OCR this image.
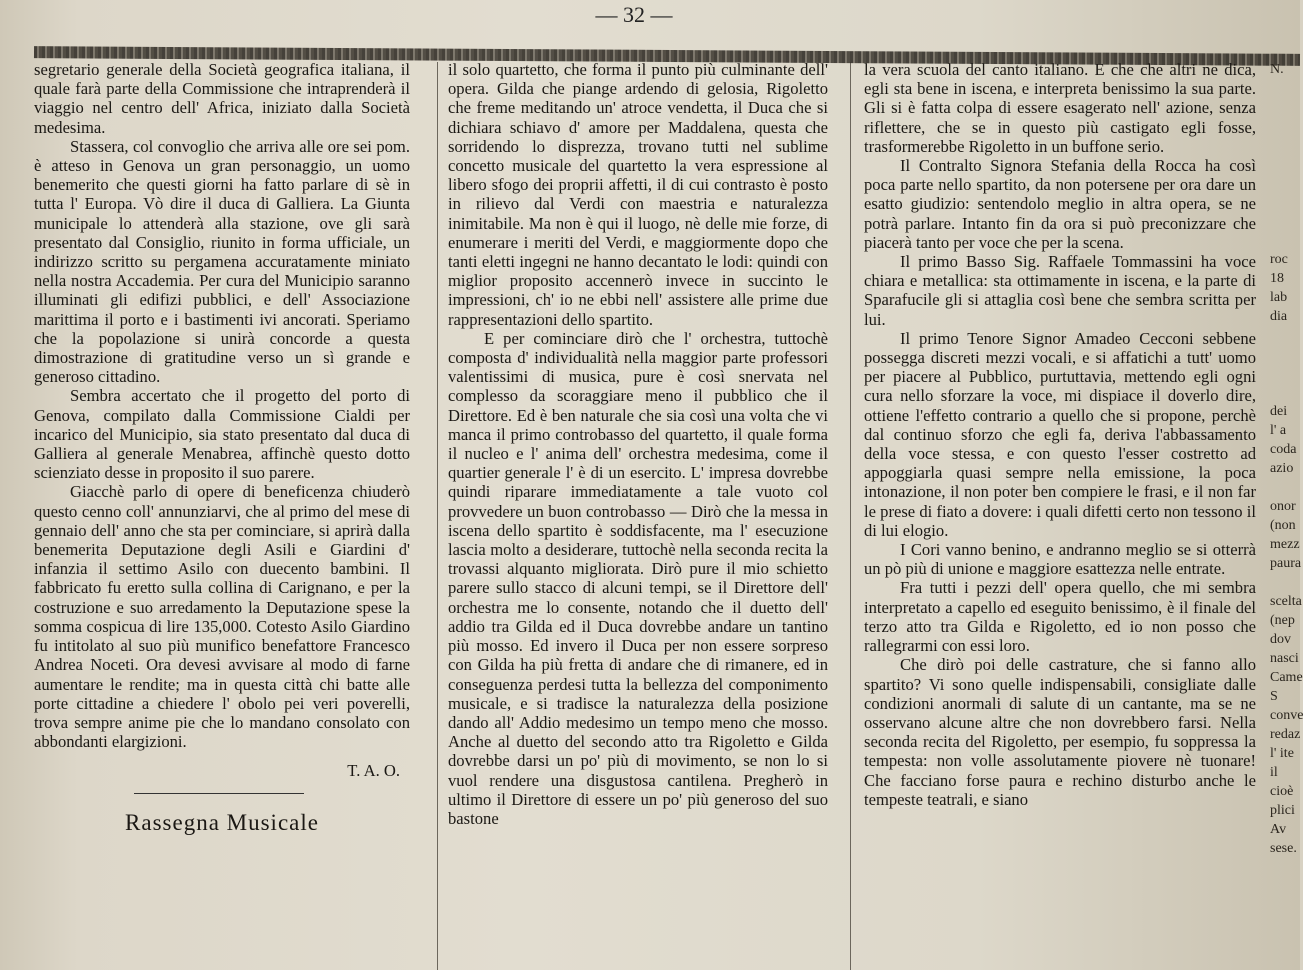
— 32 —

segretario generale della Società geografica italiana, il quale farà parte della Commissione che intraprenderà il viaggio nel centro dell' Africa, iniziato dalla Società medesima.

Stassera, col convoglio che arriva alle ore sei pom. è atteso in Genova un gran personaggio, un uomo benemerito che questi giorni ha fatto parlare di sè in tutta l' Europa. Vò dire il duca di Galliera. La Giunta municipale lo attenderà alla stazione, ove gli sarà presentato dal Consiglio, riunito in forma ufficiale, un indirizzo scritto su pergamena accuratamente miniato nella nostra Accademia. Per cura del Municipio saranno illuminati gli edifizi pubblici, e dell' Associazione marittima il porto e i bastimenti ivi ancorati. Speriamo che la popolazione si unirà concorde a questa dimostrazione di gratitudine verso un sì grande e generoso cittadino.

Sembra accertato che il progetto del porto di Genova, compilato dalla Commissione Cialdi per incarico del Municipio, sia stato presentato dal duca di Galliera al generale Menabrea, affinchè questo dotto scienziato desse in proposito il suo parere.

Giacchè parlo di opere di beneficenza chiuderò questo cenno coll' annunziarvi, che al primo del mese di gennaio dell' anno che sta per cominciare, si aprirà dalla benemerita Deputazione degli Asili e Giardini d' infanzia il settimo Asilo con duecento bambini. Il fabbricato fu eretto sulla collina di Carignano, e per la costruzione e suo arredamento la Deputazione spese la somma cospicua di lire 135,000. Cotesto Asilo Giardino fu intitolato al suo più munifico benefattore Francesco Andrea Noceti. Ora devesi avvisare al modo di farne aumentare le rendite; ma in questa città chi batte alle porte cittadine a chiedere l' obolo pei veri poverelli, trova sempre anime pie che lo mandano consolato con abbondanti elargizioni.

T. A. O.

Rassegna Musicale

il solo quartetto, che forma il punto più culminante dell' opera. Gilda che piange ardendo di gelosia, Rigoletto che freme meditando un' atroce vendetta, il Duca che si dichiara schiavo d' amore per Maddalena, questa che sorridendo lo disprezza, trovano tutti nel sublime concetto musicale del quartetto la vera espressione al libero sfogo dei proprii affetti, il di cui contrasto è posto in rilievo dal Verdi con maestria e naturalezza inimitabile. Ma non è qui il luogo, nè delle mie forze, di enumerare i meriti del Verdi, e maggiormente dopo che tanti eletti ingegni ne hanno decantato le lodi: quindi con miglior proposito accennerò invece in succinto le impressioni, ch' io ne ebbi nell' assistere alle prime due rappresentazioni dello spartito.

E per cominciare dirò che l' orchestra, tuttochè composta d' individualità nella maggior parte professori valentissimi di musica, pure è così snervata nel complesso da scoraggiare meno il pubblico che il Direttore. Ed è ben naturale che sia così una volta che vi manca il primo controbasso del quartetto, il quale forma il nucleo e l' anima dell' orchestra medesima, come il quartier generale l' è di un esercito. L' impresa dovrebbe quindi riparare immediatamente a tale vuoto col provvedere un buon controbasso — Dirò che la messa in iscena dello spartito è soddisfacente, ma l' esecuzione lascia molto a desiderare, tuttochè nella seconda recita la trovassi alquanto migliorata. Dirò pure il mio schietto parere sullo stacco di alcuni tempi, se il Direttore dell' orchestra me lo consente, notando che il duetto dell' addio tra Gilda ed il Duca dovrebbe andare un tantino più mosso. Ed invero il Duca per non essere sorpreso con Gilda ha più fretta di andare che di rimanere, ed in conseguenza perdesi tutta la bellezza del componimento musicale, e si tradisce la naturalezza della posizione dando all' Addio medesimo un tempo meno che mosso. Anche al duetto del secondo atto tra Rigoletto e Gilda dovrebbe darsi un po' più di movimento, se non lo si vuol rendere una disgustosa cantilena. Pregherò in ultimo il Direttore di essere un po' più generoso del suo bastone

la vera scuola del canto italiano. E che che altri ne dica, egli sta bene in iscena, e interpreta benissimo la sua parte. Gli si è fatta colpa di essere esagerato nell' azione, senza riflettere, che se in questo più castigato egli fosse, trasformerebbe Rigoletto in un buffone serio.

Il Contralto Signora Stefania della Rocca ha così poca parte nello spartito, da non potersene per ora dare un esatto giudizio: sentendolo meglio in altra opera, se ne potrà parlare. Intanto fin da ora si può preconizzare che piacerà tanto per voce che per la scena.

Il primo Basso Sig. Raffaele Tommassini ha voce chiara e metallica: sta ottimamente in iscena, e la parte di Sparafucile gli si attaglia così bene che sembra scritta per lui.

Il primo Tenore Signor Amadeo Cecconi sebbene possegga discreti mezzi vocali, e si affatichi a tutt' uomo per piacere al Pubblico, purtuttavia, mettendo egli ogni cura nello sforzare la voce, mi dispiace il doverlo dire, ottiene l'effetto contrario a quello che si propone, perchè dal continuo sforzo che egli fa, deriva l'abbassamento della voce stessa, e con questo l'esser costretto ad appoggiarla quasi sempre nella emissione, la poca intonazione, il non poter ben compiere le frasi, e il non far le prese di fiato a dovere: i quali difetti certo non tessono il di lui elogio.

I Cori vanno benino, e andranno meglio se si otterrà un pò più di unione e maggiore esattezza nelle entrate.

Fra tutti i pezzi dell' opera quello, che mi sembra interpretato a capello ed eseguito benissimo, è il finale del terzo atto tra Gilda e Rigoletto, ed io non posso che rallegrarmi con essi loro.

Che dirò poi delle castrature, che si fanno allo spartito? Vi sono quelle indispensabili, consigliate dalle condizioni anormali di salute di un cantante, ma se ne osservano alcune altre che non dovrebbero farsi. Nella seconda recita del Rigoletto, per esempio, fu soppressa la tempesta: non volle assolutamente piovere nè tuonare! Che facciano forse paura e rechino disturbo anche le tempeste teatrali, e siano

N.
roc
18
lab
dia
dei
l' a
coda
azio
onor
(non
mezz
paura
scelta
(nep
dov
nasci
Came
S
conve
redaz
l' ite
il
cioè
plici
Av
sese.
